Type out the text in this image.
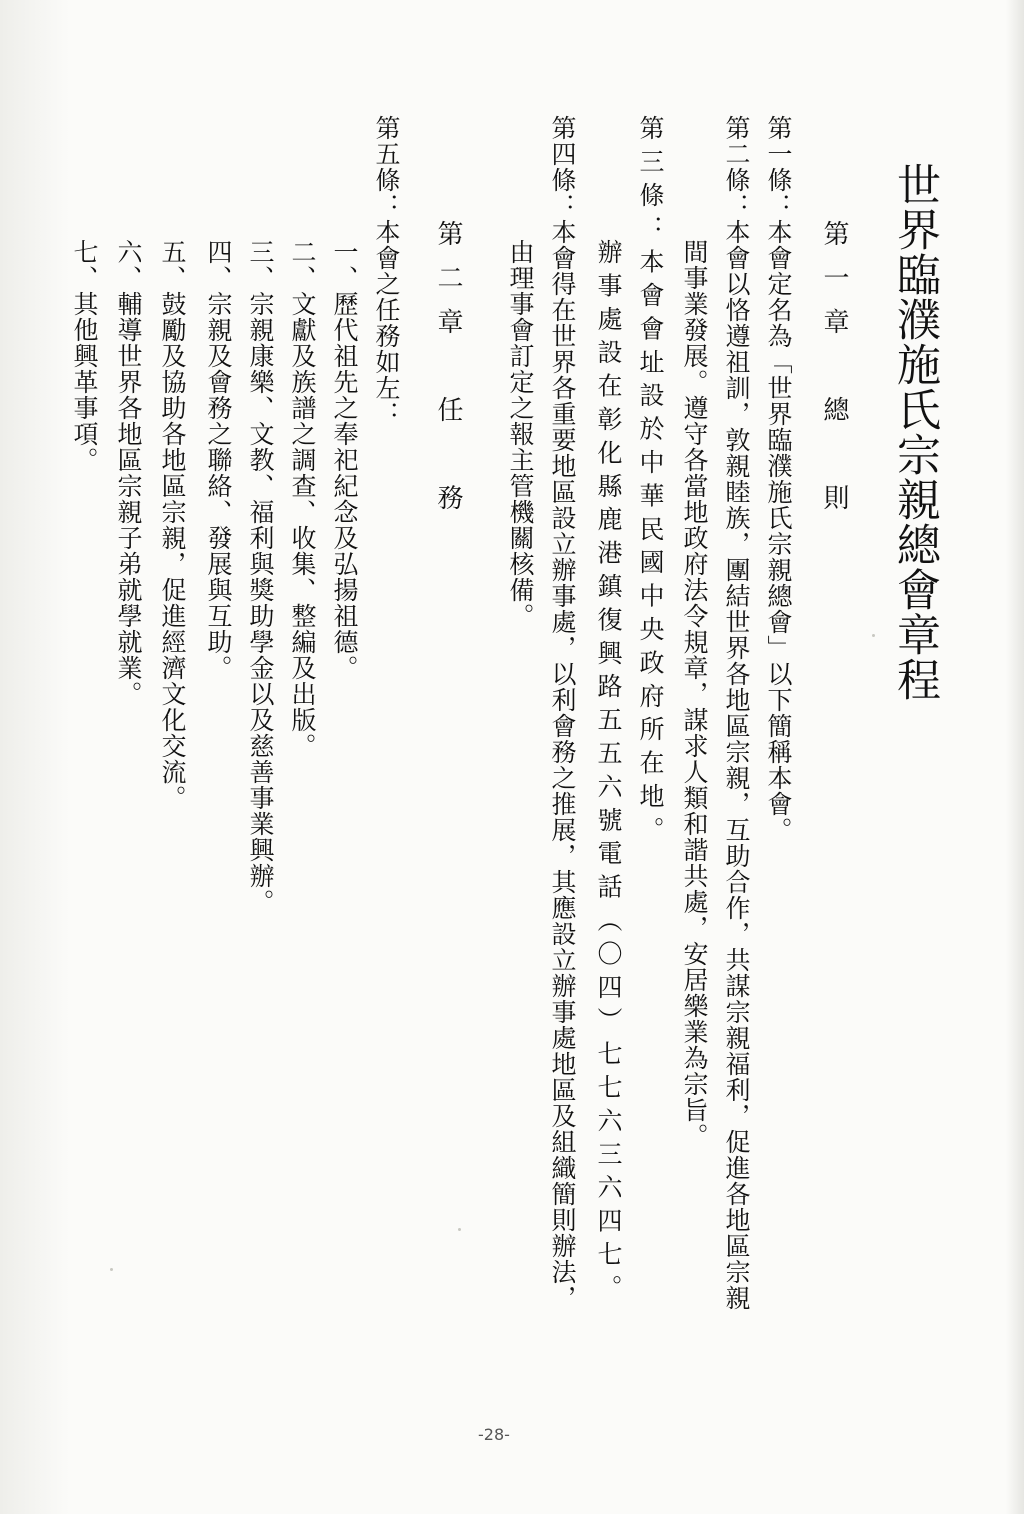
世界臨濮施氏宗親總會章程
第一章　總　則
第一條：本會定名為「世界臨濮施氏宗親總會」以下簡稱本會。
第二條：本會以恪遵祖訓，敦親睦族，團結世界各地區宗親，互助合作，共謀宗親福利，促進各地區宗親
間事業發展。遵守各當地政府法令規章，謀求人類和諧共處，安居樂業為宗旨。
第三條：本會會址設於中華民國中央政府所在地。
辦事處設在彰化縣鹿港鎮復興路五五六號電話（〇四）七七六三六四七。
第四條：本會得在世界各重要地區設立辦事處，以利會務之推展，其應設立辦事處地區及組織簡則辦法，
由理事會訂定之報主管機關核備。
第二章　任　務
第五條：本會之任務如左：
一、歷代祖先之奉祀紀念及弘揚祖德。
二、文獻及族譜之調查、收集、整編及出版。
三、宗親康樂、文教、福利與獎助學金以及慈善事業興辦。
四、宗親及會務之聯絡、發展與互助。
五、鼓勵及協助各地區宗親，促進經濟文化交流。
六、輔導世界各地區宗親子弟就學就業。
七、其他興革事項。
-28-
